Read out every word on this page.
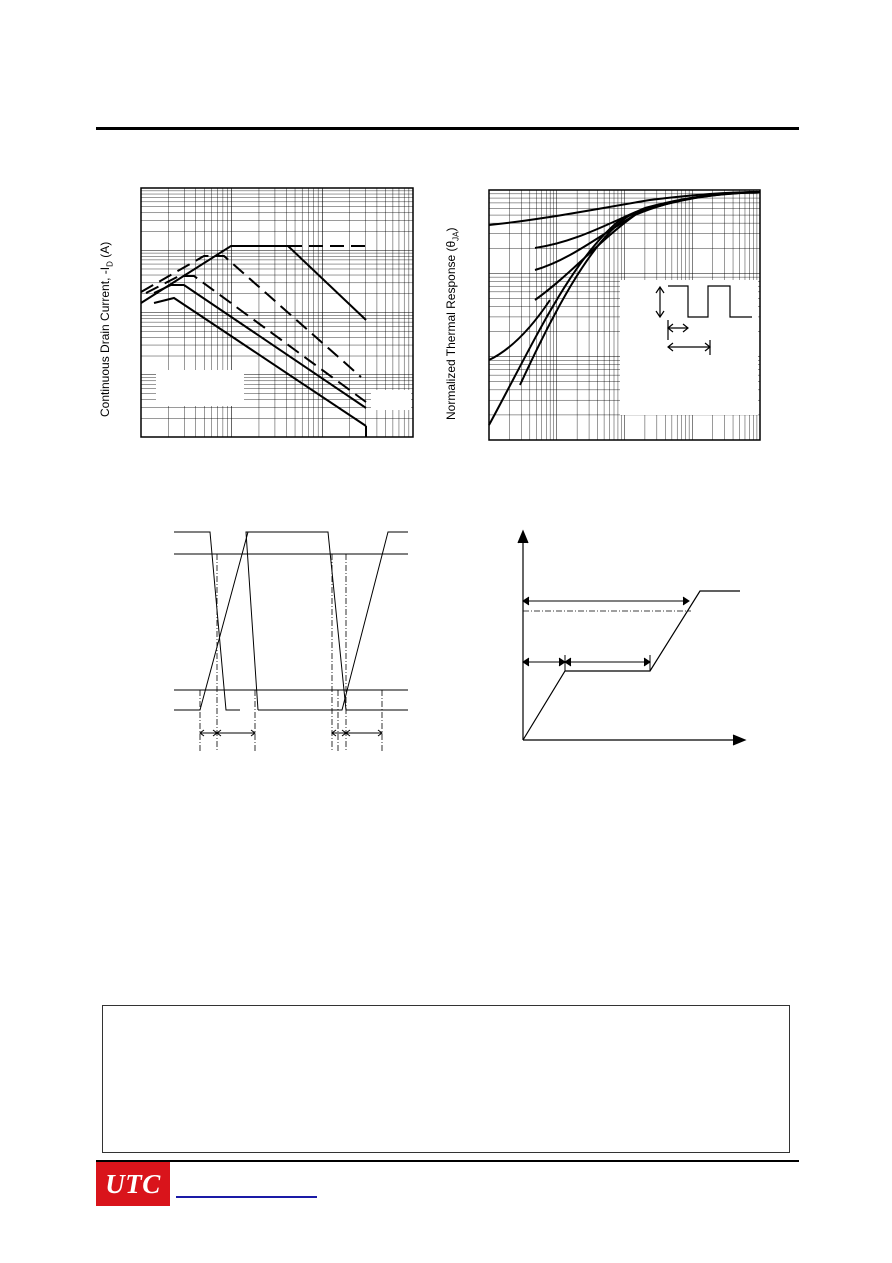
Continuous Drain Current, $-I_D$ (A)	Normalized Thermal Response $(\theta_{JA})$
UTC
